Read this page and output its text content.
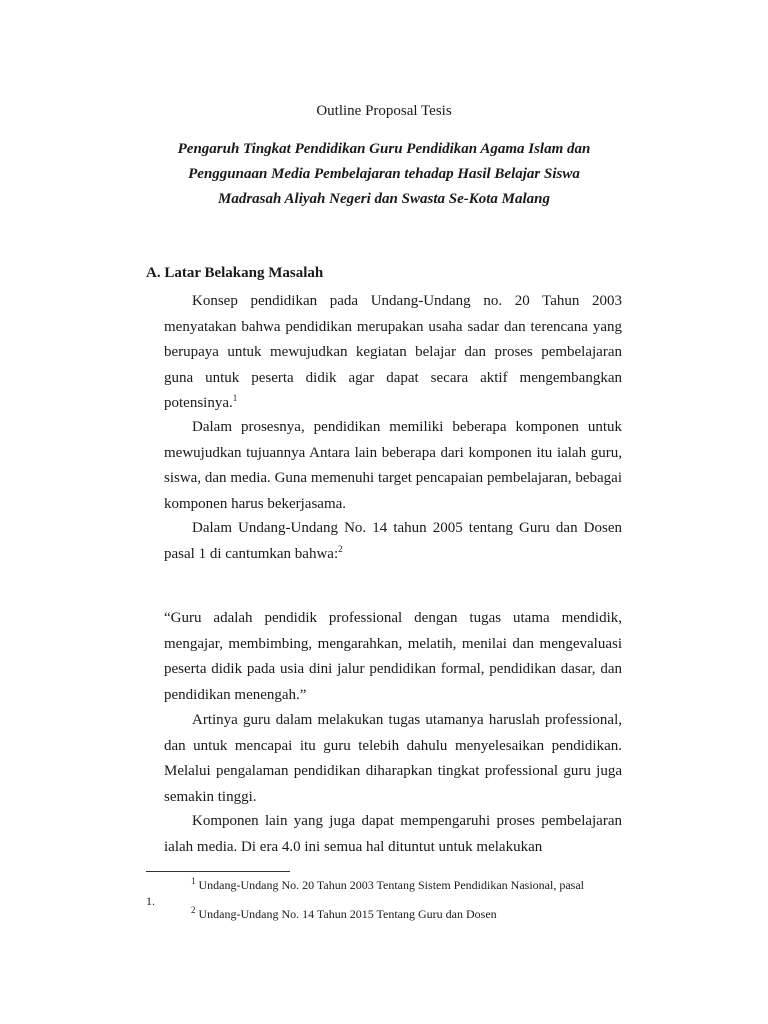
Outline Proposal Tesis
Pengaruh Tingkat Pendidikan Guru Pendidikan Agama Islam dan
Penggunaan Media Pembelajaran tehadap Hasil Belajar Siswa
Madrasah Aliyah Negeri dan Swasta Se-Kota Malang
A. Latar Belakang Masalah
Konsep pendidikan pada Undang-Undang no. 20 Tahun 2003 menyatakan bahwa pendidikan merupakan usaha sadar dan terencana yang berupaya untuk mewujudkan kegiatan belajar dan proses pembelajaran guna untuk peserta didik agar dapat secara aktif mengembangkan potensinya.$^1$
Dalam prosesnya, pendidikan memiliki beberapa komponen untuk mewujudkan tujuannya Antara lain beberapa dari komponen itu ialah guru, siswa, dan media. Guna memenuhi target pencapaian pembelajaran, bebagai komponen harus bekerjasama.
Dalam Undang-Undang No. 14 tahun 2005 tentang Guru dan Dosen pasal 1 di cantumkan bahwa:$^2$
“Guru adalah pendidik professional dengan tugas utama mendidik, mengajar, membimbing, mengarahkan, melatih, menilai dan mengevaluasi peserta didik pada usia dini jalur pendidikan formal, pendidikan dasar, dan pendidikan menengah.”
Artinya guru dalam melakukan tugas utamanya haruslah professional, dan untuk mencapai itu guru telebih dahulu menyelesaikan pendidikan. Melalui pengalaman pendidikan diharapkan tingkat professional guru juga semakin tinggi.
Komponen lain yang juga dapat mempengaruhi proses pembelajaran ialah media. Di era 4.0 ini semua hal dituntut untuk melakukan
$^1$ Undang-Undang No. 20 Tahun 2003 Tentang Sistem Pendidikan Nasional, pasal
1.
$^2$ Undang-Undang No. 14 Tahun 2015 Tentang Guru dan Dosen
